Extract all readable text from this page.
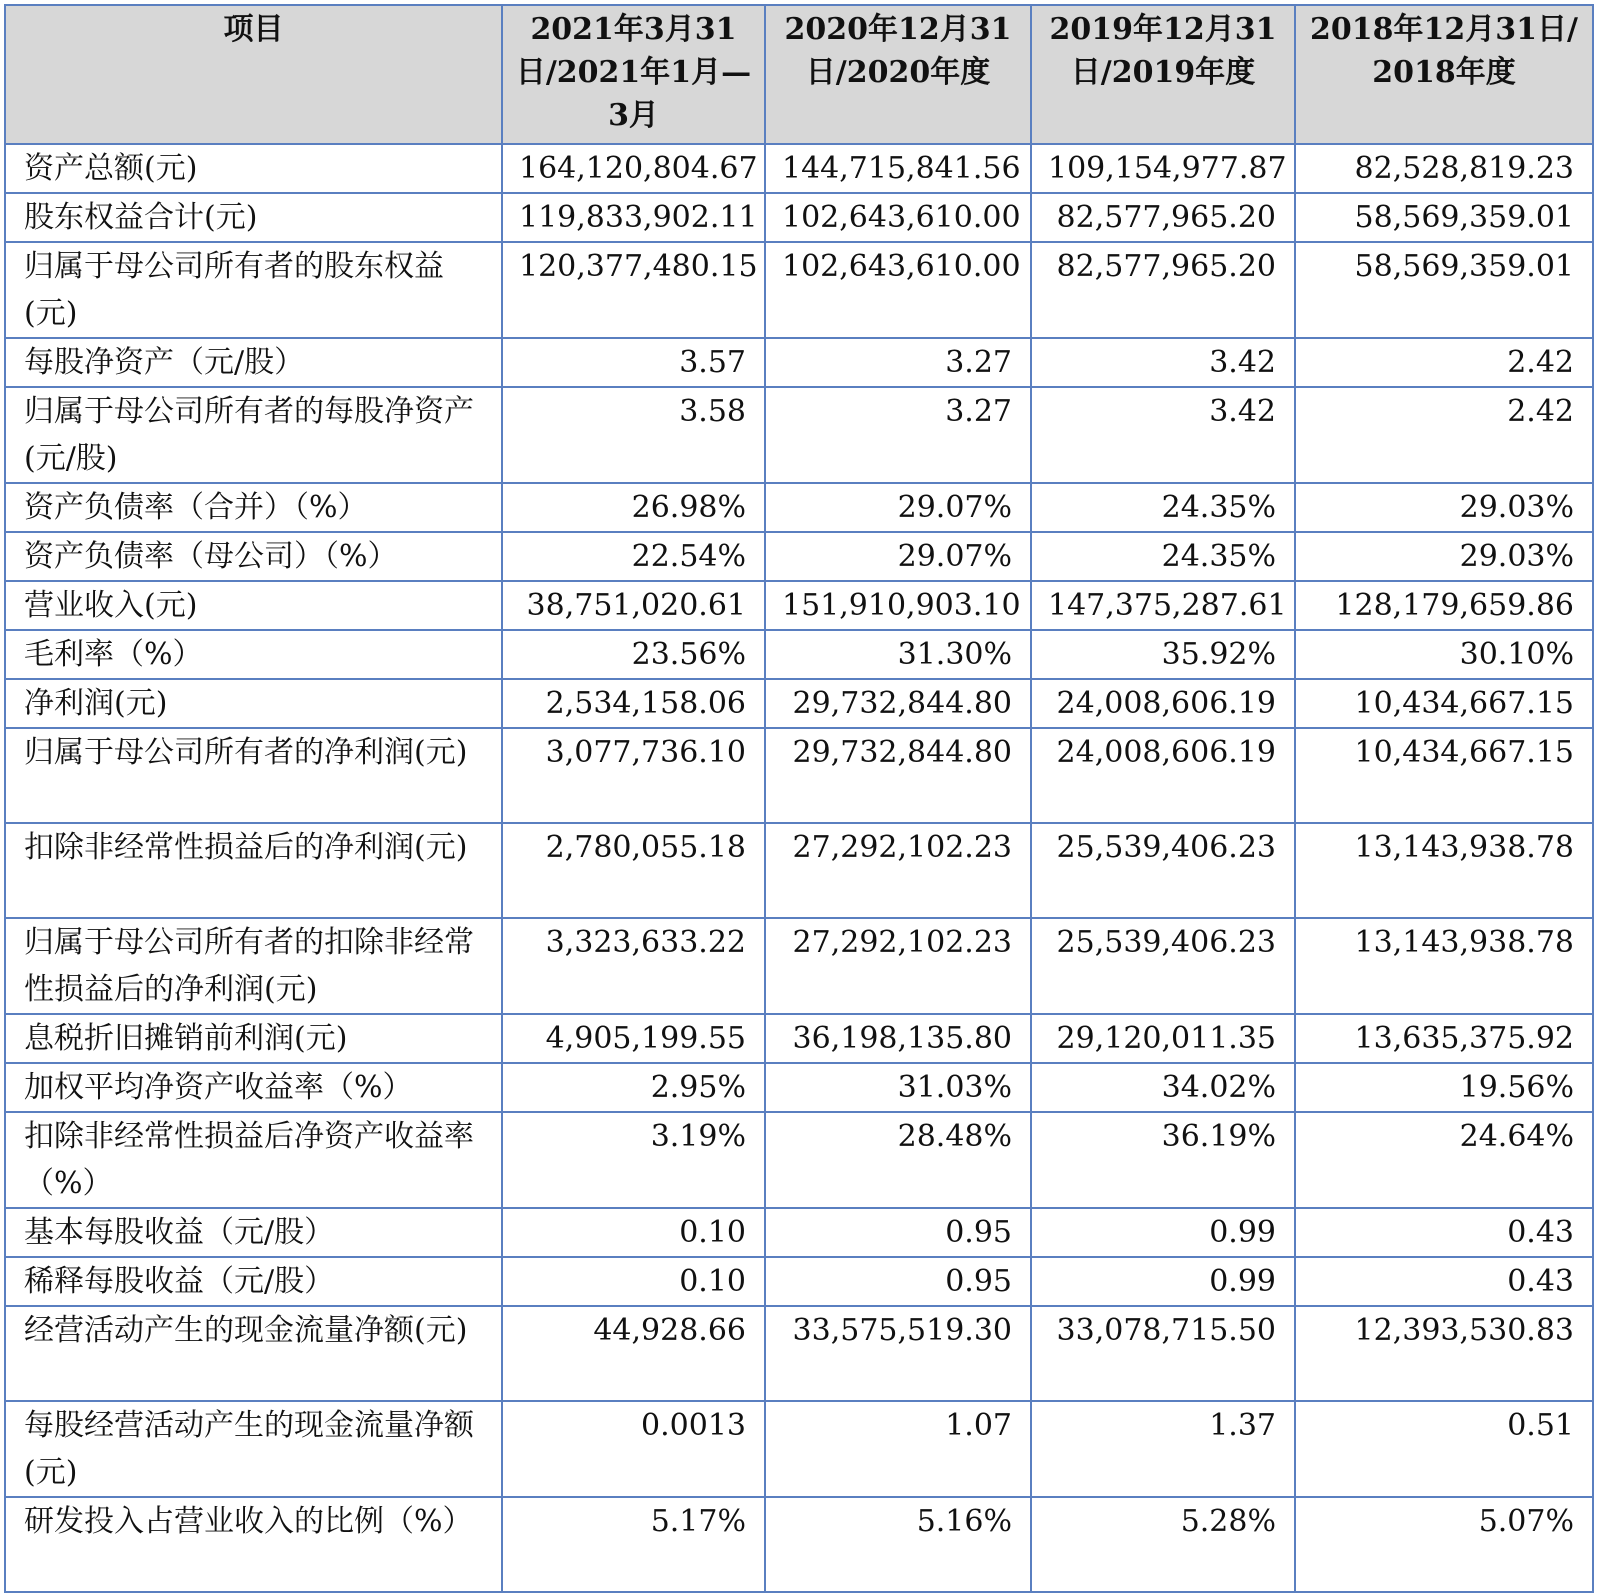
项目	2021年3月31日/2021年1月—3月	2020年12月31日/2020年度	2019年12月31日/2019年度	2018年12月31日/2018年度
资产总额(元)	164,120,804.67	144,715,841.56	109,154,977.87	82,528,819.23
股东权益合计(元)	119,833,902.11	102,643,610.00	82,577,965.20	58,569,359.01
归属于母公司所有者的股东权益(元)	120,377,480.15	102,643,610.00	82,577,965.20	58,569,359.01
每股净资产（元/股）	3.57	3.27	3.42	2.42
归属于母公司所有者的每股净资产(元/股)	3.58	3.27	3.42	2.42
资产负债率（合并）（%）	26.98%	29.07%	24.35%	29.03%
资产负债率（母公司）（%）	22.54%	29.07%	24.35%	29.03%
营业收入(元)	38,751,020.61	151,910,903.10	147,375,287.61	128,179,659.86
毛利率（%）	23.56%	31.30%	35.92%	30.10%
净利润(元)	2,534,158.06	29,732,844.80	24,008,606.19	10,434,667.15
归属于母公司所有者的净利润(元)	3,077,736.10	29,732,844.80	24,008,606.19	10,434,667.15
扣除非经常性损益后的净利润(元)	2,780,055.18	27,292,102.23	25,539,406.23	13,143,938.78
归属于母公司所有者的扣除非经常性损益后的净利润(元)	3,323,633.22	27,292,102.23	25,539,406.23	13,143,938.78
息税折旧摊销前利润(元)	4,905,199.55	36,198,135.80	29,120,011.35	13,635,375.92
加权平均净资产收益率（%）	2.95%	31.03%	34.02%	19.56%
扣除非经常性损益后净资产收益率（%）	3.19%	28.48%	36.19%	24.64%
基本每股收益（元/股）	0.10	0.95	0.99	0.43
稀释每股收益（元/股）	0.10	0.95	0.99	0.43
经营活动产生的现金流量净额(元)	44,928.66	33,575,519.30	33,078,715.50	12,393,530.83
每股经营活动产生的现金流量净额(元)	0.0013	1.07	1.37	0.51
研发投入占营业收入的比例（%）	5.17%	5.16%	5.28%	5.07%
